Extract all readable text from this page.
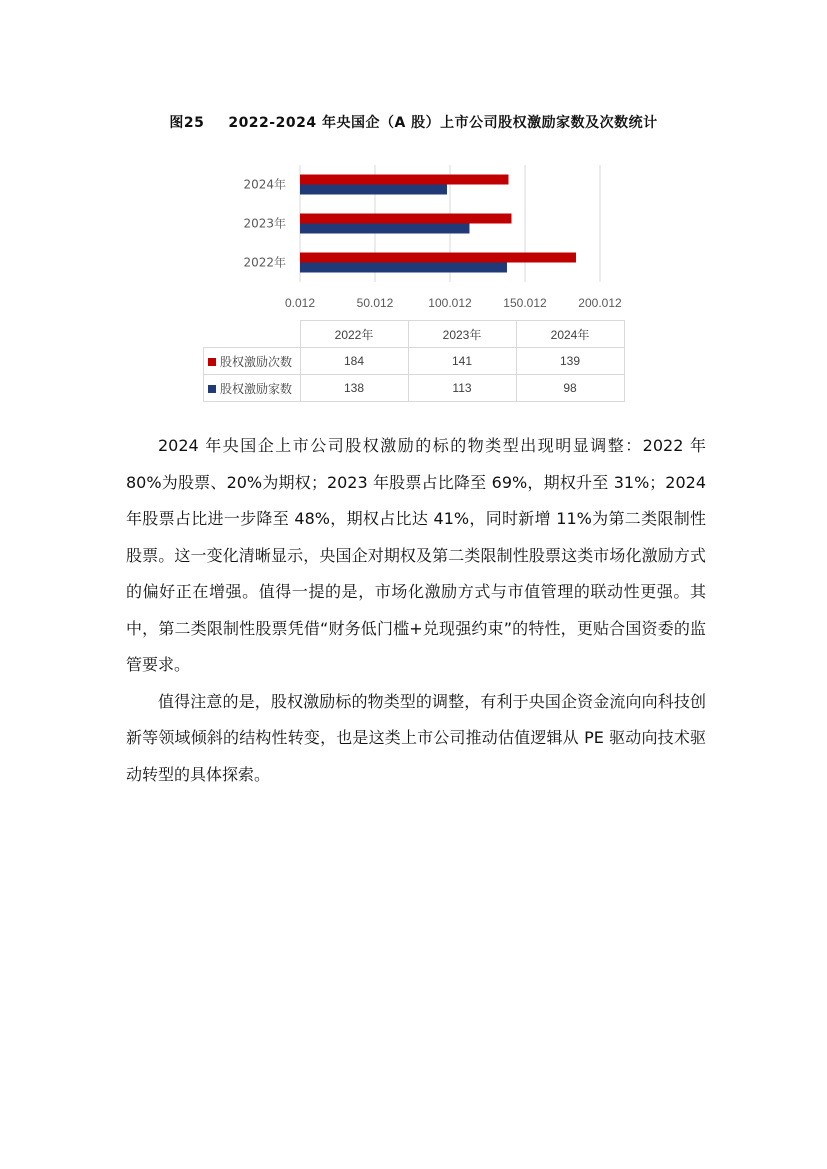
图25 2022-2024 年央国企（A 股）上市公司股权激励家数及次数统计
0.012	50.012	100.012	150.012	200.012
2022年
2023年
2024年
	2022年	2023年	2024年
股权激励次数	184	141	139
股权激励家数	138	113	98

2024 年央国企上市公司股权激励的标的物类型出现明显调整：2022 年 80%为股票、20%为期权；2023 年股票占比降至 69%，期权升至 31%；2024 年股票占比进一步降至 48%，期权占比达 41%，同时新增 11%为第二类限制性股票。这一变化清晰显示，央国企对期权及第二类限制性股票这类市场化激励方式的偏好正在增强。值得一提的是，市场化激励方式与市值管理的联动性更强。其中，第二类限制性股票凭借“财务低门槛+兑现强约束”的特性，更贴合国资委的监管要求。

值得注意的是，股权激励标的物类型的调整，有利于央国企资金流向向科技创新等领域倾斜的结构性转变，也是这类上市公司推动估值逻辑从 PE 驱动向技术驱动转型的具体探索。
